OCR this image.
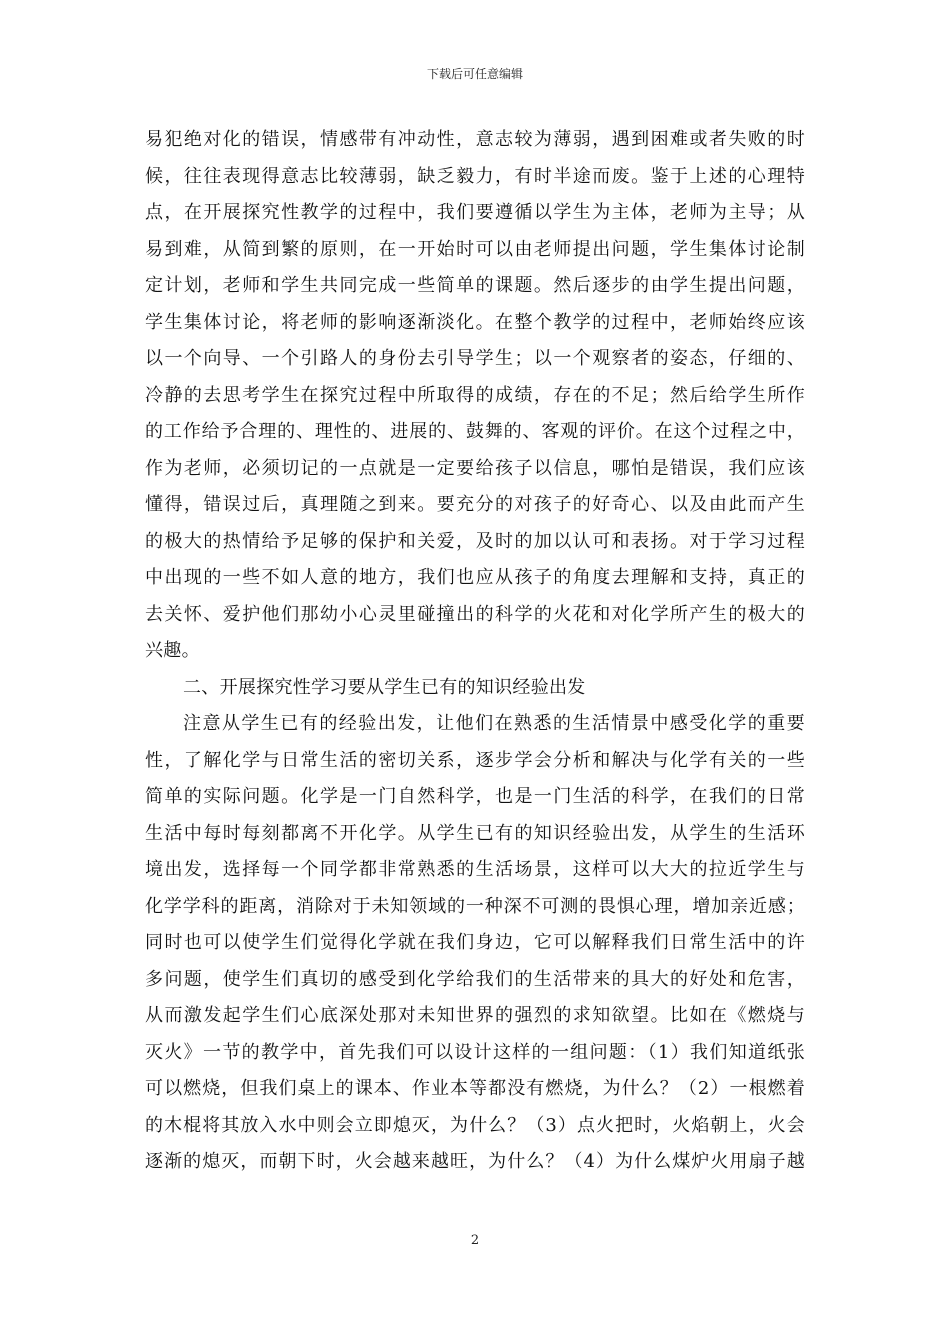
下载后可任意编辑
易犯绝对化的错误，情感带有冲动性，意志较为薄弱，遇到困难或者失败的时
候，往往表现得意志比较薄弱，缺乏毅力，有时半途而废。鉴于上述的心理特
点，在开展探究性教学的过程中，我们要遵循以学生为主体，老师为主导；从
易到难，从简到繁的原则，在一开始时可以由老师提出问题，学生集体讨论制
定计划，老师和学生共同完成一些简单的课题。然后逐步的由学生提出问题，
学生集体讨论，将老师的影响逐渐淡化。在整个教学的过程中，老师始终应该
以一个向导、一个引路人的身份去引导学生；以一个观察者的姿态，仔细的、
冷静的去思考学生在探究过程中所取得的成绩，存在的不足；然后给学生所作
的工作给予合理的、理性的、进展的、鼓舞的、客观的评价。在这个过程之中，
作为老师，必须切记的一点就是一定要给孩子以信息，哪怕是错误，我们应该
懂得，错误过后，真理随之到来。要充分的对孩子的好奇心、以及由此而产生
的极大的热情给予足够的保护和关爱，及时的加以认可和表扬。对于学习过程
中出现的一些不如人意的地方，我们也应从孩子的角度去理解和支持，真正的
去关怀、爱护他们那幼小心灵里碰撞出的科学的火花和对化学所产生的极大的
兴趣。
二、开展探究性学习要从学生已有的知识经验出发
注意从学生已有的经验出发，让他们在熟悉的生活情景中感受化学的重要
性，了解化学与日常生活的密切关系，逐步学会分析和解决与化学有关的一些
简单的实际问题。化学是一门自然科学，也是一门生活的科学，在我们的日常
生活中每时每刻都离不开化学。从学生已有的知识经验出发，从学生的生活环
境出发，选择每一个同学都非常熟悉的生活场景，这样可以大大的拉近学生与
化学学科的距离，消除对于未知领域的一种深不可测的畏惧心理，增加亲近感；
同时也可以使学生们觉得化学就在我们身边，它可以解释我们日常生活中的许
多问题，使学生们真切的感受到化学给我们的生活带来的具大的好处和危害，
从而激发起学生们心底深处那对未知世界的强烈的求知欲望。比如在《燃烧与
灭火》一节的教学中，首先我们可以设计这样的一组问题：（1）我们知道纸张
可以燃烧，但我们桌上的课本、作业本等都没有燃烧，为什么？（2）一根燃着
的木棍将其放入水中则会立即熄灭，为什么？（3）点火把时，火焰朝上，火会
逐渐的熄灭，而朝下时，火会越来越旺，为什么？（4）为什么煤炉火用扇子越
2
